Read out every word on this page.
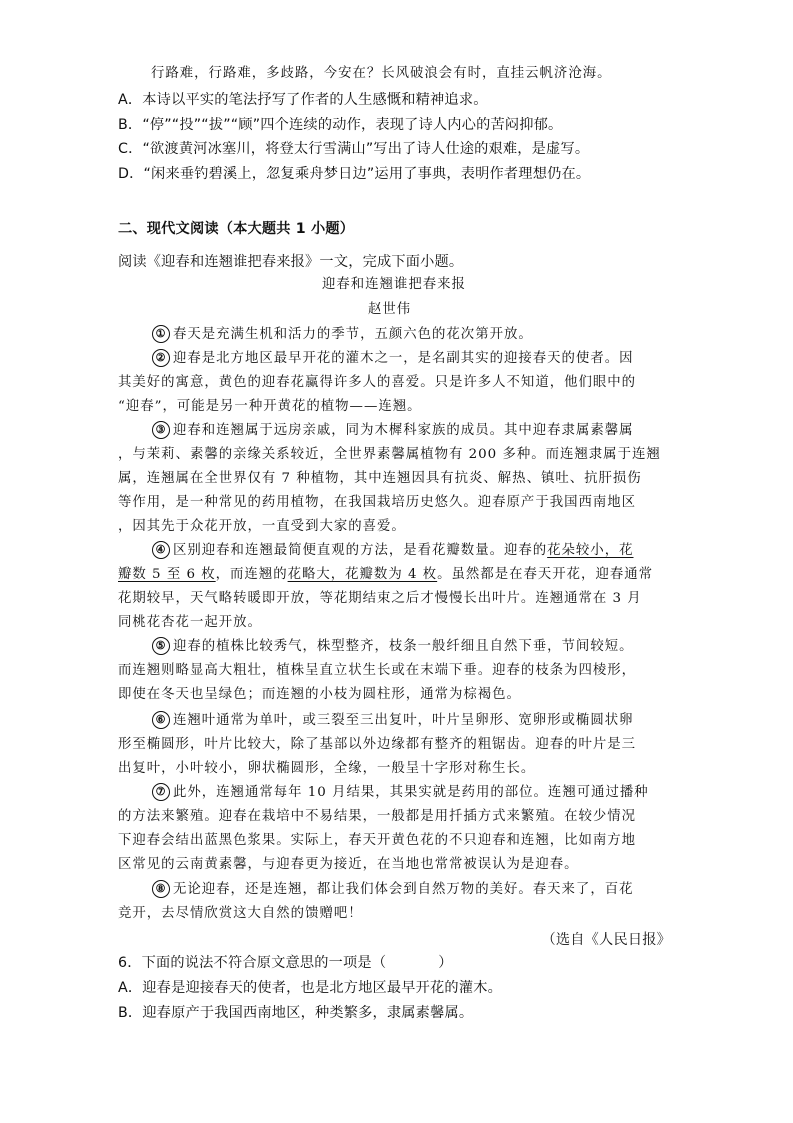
行路难，行路难，多歧路，今安在？长风破浪会有时，直挂云帆济沧海。
A．本诗以平实的笔法抒写了作者的人生感慨和精神追求。
B．“停”“投”“拔”“顾”四个连续的动作，表现了诗人内心的苦闷抑郁。
C．“欲渡黄河冰塞川，将登太行雪满山”写出了诗人仕途的艰难，是虚写。
D．“闲来垂钓碧溪上，忽复乘舟梦日边”运用了事典，表明作者理想仍在。
二、现代文阅读（本大题共 1 小题）
阅读《迎春和连翘谁把春来报》一文，完成下面小题。
迎春和连翘谁把春来报
赵世伟
① 春天是充满生机和活力的季节，五颜六色的花次第开放。
② 迎春是北方地区最早开花的灌木之一，是名副其实的迎接春天的使者。因
其美好的寓意，黄色的迎春花赢得许多人的喜爱。只是许多人不知道，他们眼中的
“迎春”，可能是另一种开黄花的植物——连翘。
③ 迎春和连翘属于远房亲戚，同为木樨科家族的成员。其中迎春隶属素馨属
，与茉莉、素馨的亲缘关系较近，全世界素馨属植物有 200 多种。而连翘隶属于连翘
属，连翘属在全世界仅有 7 种植物，其中连翘因具有抗炎、解热、镇吐、抗肝损伤
等作用，是一种常见的药用植物，在我国栽培历史悠久。迎春原产于我国西南地区
，因其先于众花开放，一直受到大家的喜爱。
④ 区别迎春和连翘最简便直观的方法，是看花瓣数量。迎春的花朵较小，花
瓣数 5 至 6 枚，而连翘的花略大，花瓣数为 4 枚。虽然都是在春天开花，迎春通常
花期较早，天气略转暖即开放，等花期结束之后才慢慢长出叶片。连翘通常在 3 月
同桃花杏花一起开放。
⑤ 迎春的植株比较秀气，株型整齐，枝条一般纤细且自然下垂，节间较短。
而连翘则略显高大粗壮，植株呈直立状生长或在末端下垂。迎春的枝条为四棱形，
即使在冬天也呈绿色；而连翘的小枝为圆柱形，通常为棕褐色。
⑥ 连翘叶通常为单叶，或三裂至三出复叶，叶片呈卵形、宽卵形或椭圆状卵
形至椭圆形，叶片比较大，除了基部以外边缘都有整齐的粗锯齿。迎春的叶片是三
出复叶，小叶较小，卵状椭圆形，全缘，一般呈十字形对称生长。
⑦ 此外，连翘通常每年 10 月结果，其果实就是药用的部位。连翘可通过播种
的方法来繁殖。迎春在栽培中不易结果，一般都是用扦插方式来繁殖。在较少情况
下迎春会结出蓝黑色浆果。实际上，春天开黄色花的不只迎春和连翘，比如南方地
区常见的云南黄素馨，与迎春更为接近，在当地也常常被误认为是迎春。
⑧ 无论迎春，还是连翘，都让我们体会到自然万物的美好。春天来了，百花
竞开，去尽情欣赏这大自然的馈赠吧！
（选自《人民日报》
6．下面的说法不符合原文意思的一项是（	）
A．迎春是迎接春天的使者，也是北方地区最早开花的灌木。
B．迎春原产于我国西南地区，种类繁多，隶属素馨属。
